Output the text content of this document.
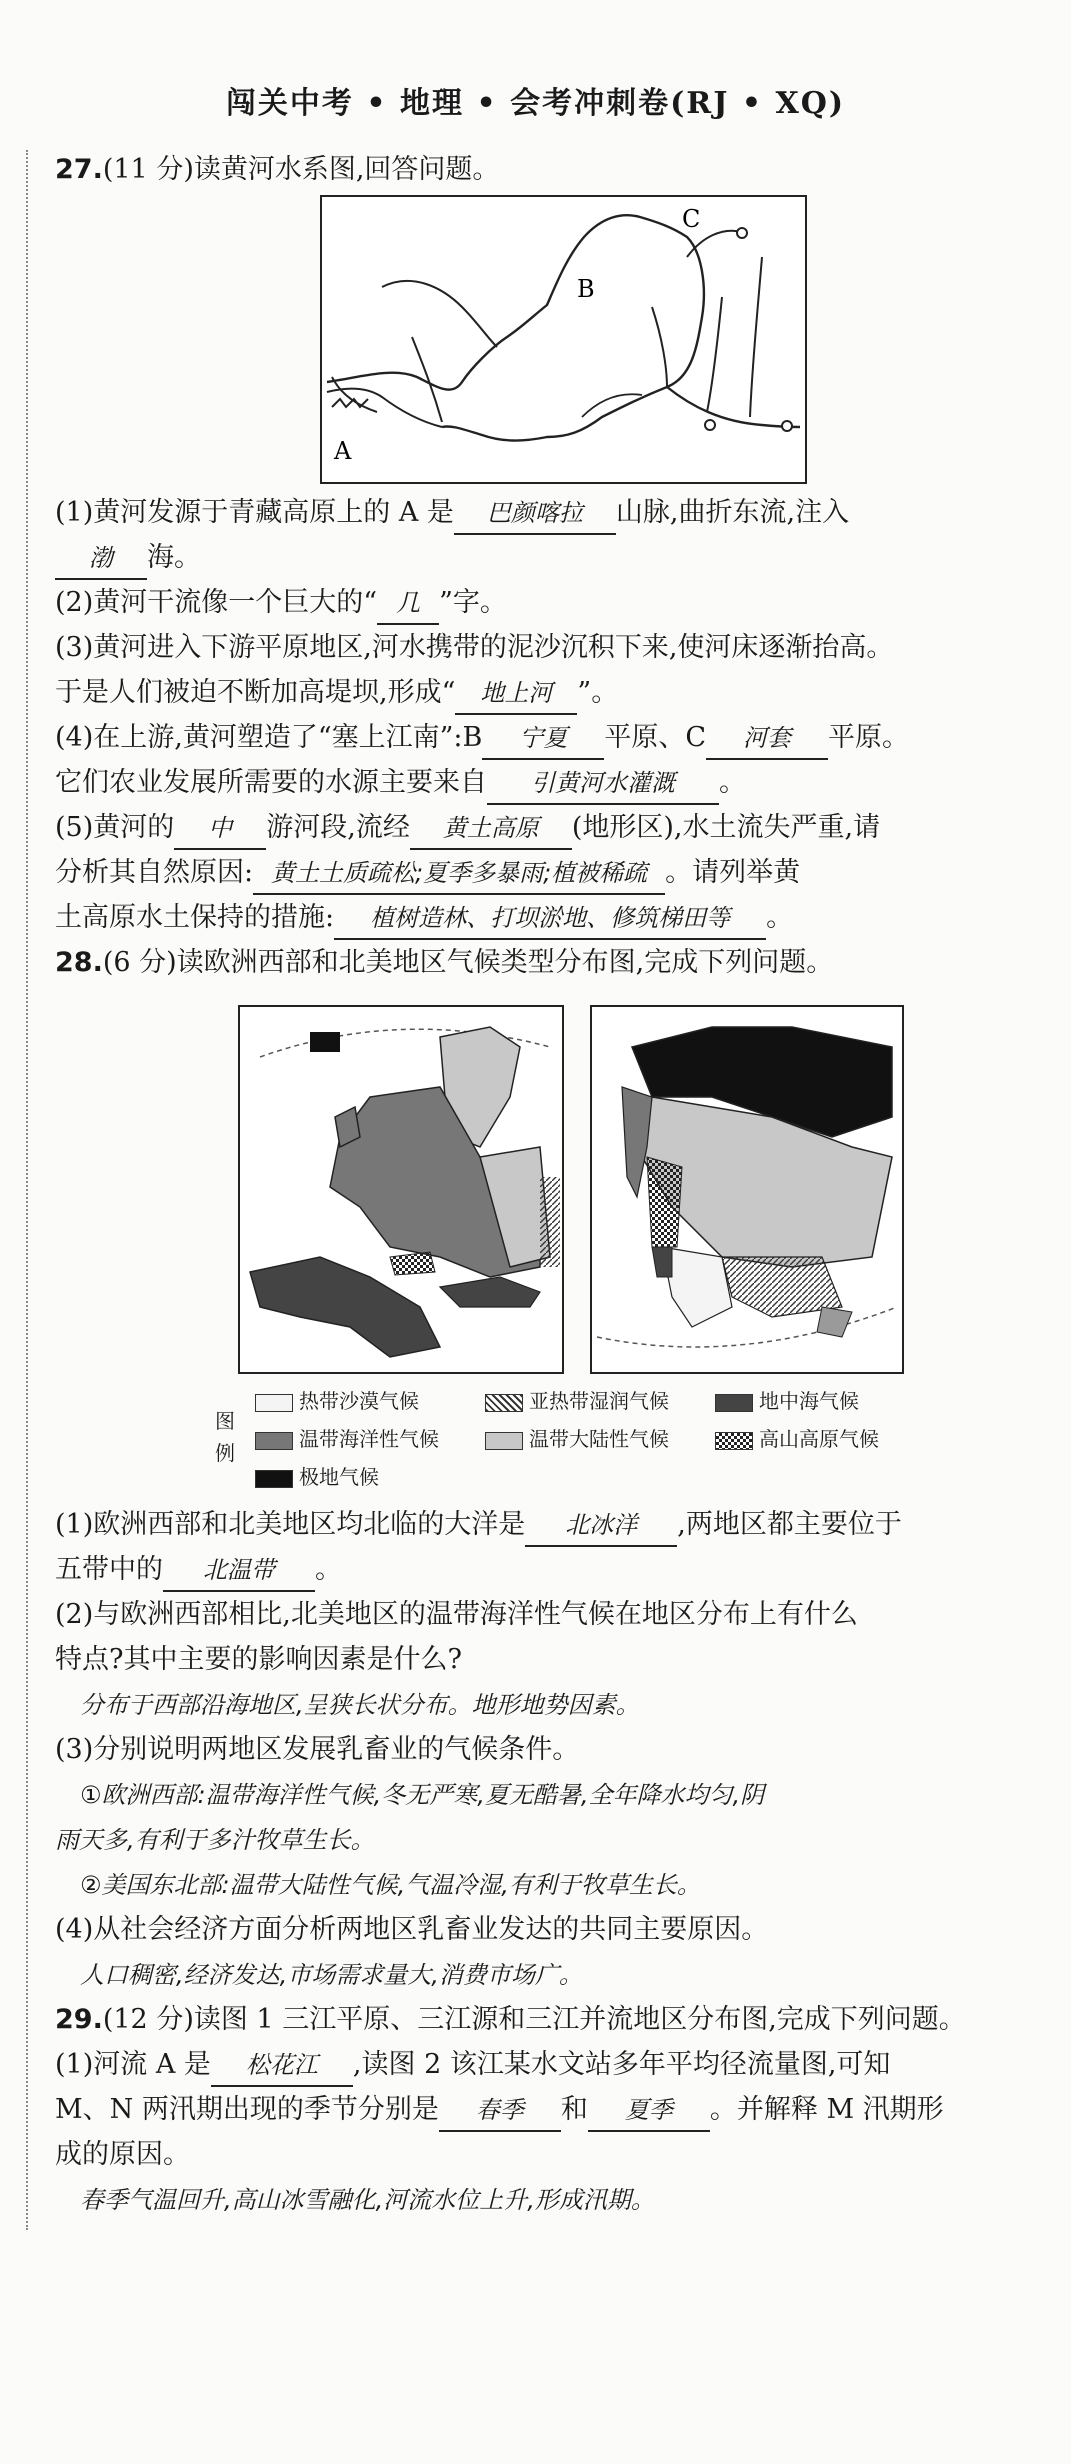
闯关中考 • 地理 • 会考冲刺卷(RJ • XQ)
27.(11 分)读黄河水系图,回答问题。
A
B
C
(1)黄河发源于青藏高原上的 A 是 巴颜喀拉 山脉,曲折东流,注入
渤 海。
(2)黄河干流像一个巨大的“ 几 ”字。
(3)黄河进入下游平原地区,河水携带的泥沙沉积下来,使河床逐渐抬高。
于是人们被迫不断加高堤坝,形成“ 地上河 ”。
(4)在上游,黄河塑造了“塞上江南”:B 宁夏 平原、C 河套 平原。
它们农业发展所需要的水源主要来自 引黄河水灌溉 。
(5)黄河的 中 游河段,流经 黄土高原 (地形区),水土流失严重,请
分析其自然原因: 黄土土质疏松;夏季多暴雨;植被稀疏 。请列举黄
土高原水土保持的措施: 植树造林、打坝淤地、修筑梯田等 。
28.(6 分)读欧洲西部和北美地区气候类型分布图,完成下列问题。
图例
热带沙漠气候	亚热带湿润气候	地中海气候
温带海洋性气候	温带大陆性气候	高山高原气候
极地气候
(1)欧洲西部和北美地区均北临的大洋是 北冰洋 ,两地区都主要位于
五带中的 北温带 。
(2)与欧洲西部相比,北美地区的温带海洋性气候在地区分布上有什么
特点?其中主要的影响因素是什么?
分布于西部沿海地区,呈狭长状分布。地形地势因素。
(3)分别说明两地区发展乳畜业的气候条件。
①欧洲西部:温带海洋性气候,冬无严寒,夏无酷暑,全年降水均匀,阴
雨天多,有利于多汁牧草生长。
②美国东北部:温带大陆性气候,气温冷湿,有利于牧草生长。
(4)从社会经济方面分析两地区乳畜业发达的共同主要原因。
人口稠密,经济发达,市场需求量大,消费市场广。
29.(12 分)读图 1 三江平原、三江源和三江并流地区分布图,完成下列问题。
(1)河流 A 是 松花江 ,读图 2 该江某水文站多年平均径流量图,可知
M、N 两汛期出现的季节分别是 春季 和 夏季 。并解释 M 汛期形
成的原因。
春季气温回升,高山冰雪融化,河流水位上升,形成汛期。
